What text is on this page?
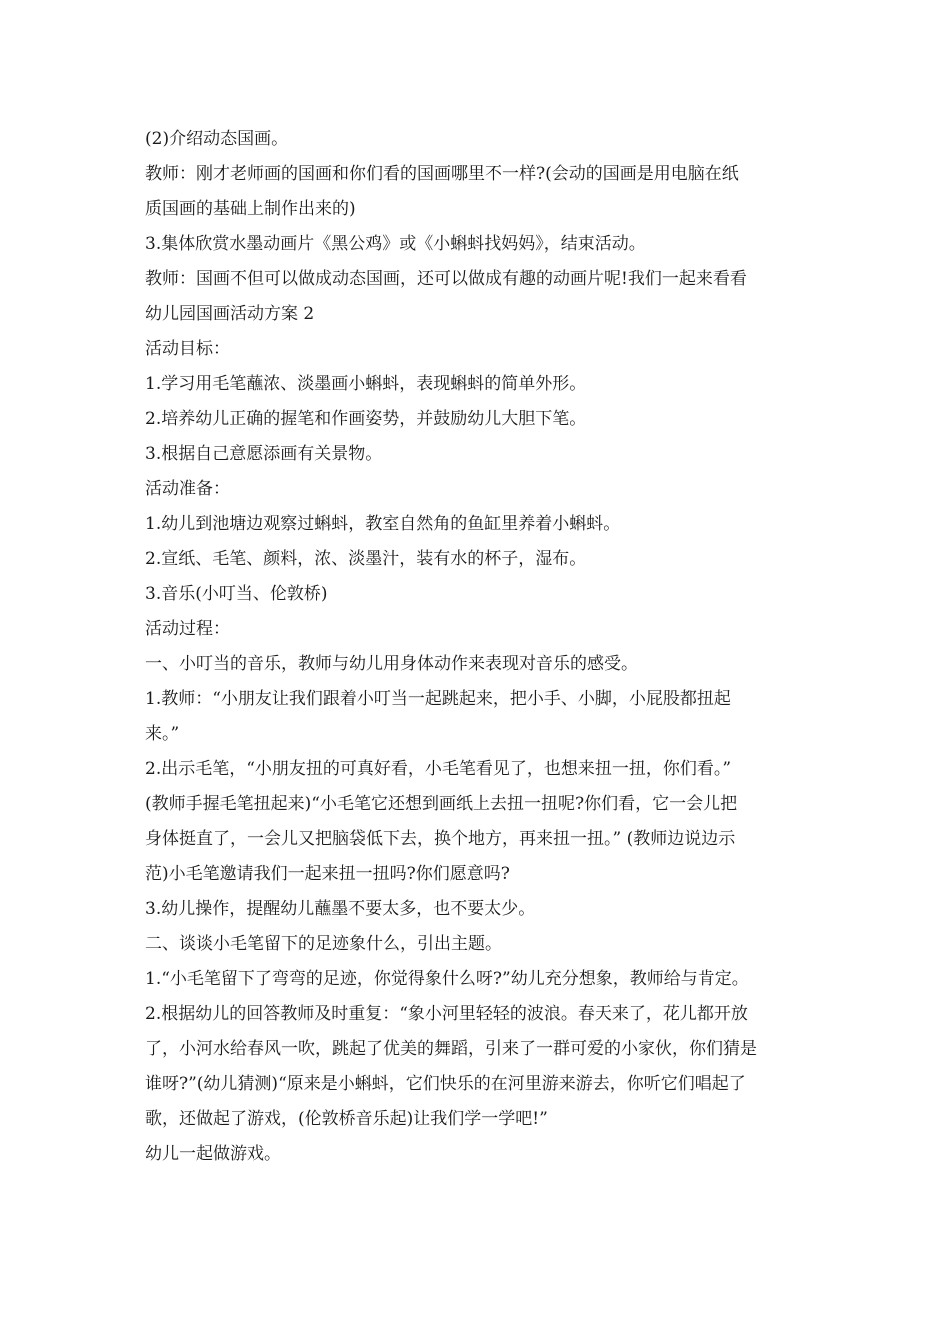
(2)介绍动态国画。
教师：刚才老师画的国画和你们看的国画哪里不一样?(会动的国画是用电脑在纸
质国画的基础上制作出来的)
3.集体欣赏水墨动画片《黑公鸡》或《小蝌蚪找妈妈》，结束活动。
教师：国画不但可以做成动态国画，还可以做成有趣的动画片呢!我们一起来看看
幼儿园国画活动方案 2
活动目标：
1.学习用毛笔蘸浓、淡墨画小蝌蚪，表现蝌蚪的简单外形。
2.培养幼儿正确的握笔和作画姿势，并鼓励幼儿大胆下笔。
3.根据自己意愿添画有关景物。
活动准备：
1.幼儿到池塘边观察过蝌蚪，教室自然角的鱼缸里养着小蝌蚪。
2.宣纸、毛笔、颜料，浓、淡墨汁，装有水的杯子，湿布。
3.音乐(小叮当、伦敦桥)
活动过程：
一、小叮当的音乐，教师与幼儿用身体动作来表现对音乐的感受。
1.教师：“小朋友让我们跟着小叮当一起跳起来，把小手、小脚，小屁股都扭起
来。”
2.出示毛笔，“小朋友扭的可真好看，小毛笔看见了，也想来扭一扭，你们看。”
(教师手握毛笔扭起来)“小毛笔它还想到画纸上去扭一扭呢?你们看，它一会儿把
身体挺直了，一会儿又把脑袋低下去，换个地方，再来扭一扭。” (教师边说边示
范)小毛笔邀请我们一起来扭一扭吗?你们愿意吗?
3.幼儿操作，提醒幼儿蘸墨不要太多，也不要太少。
二、谈谈小毛笔留下的足迹象什么，引出主题。
1.“小毛笔留下了弯弯的足迹，你觉得象什么呀?”幼儿充分想象，教师给与肯定。
2.根据幼儿的回答教师及时重复：“象小河里轻轻的波浪。春天来了，花儿都开放
了，小河水给春风一吹，跳起了优美的舞蹈，引来了一群可爱的小家伙，你们猜是
谁呀?”(幼儿猜测)“原来是小蝌蚪，它们快乐的在河里游来游去，你听它们唱起了
歌，还做起了游戏，(伦敦桥音乐起)让我们学一学吧!”
幼儿一起做游戏。
